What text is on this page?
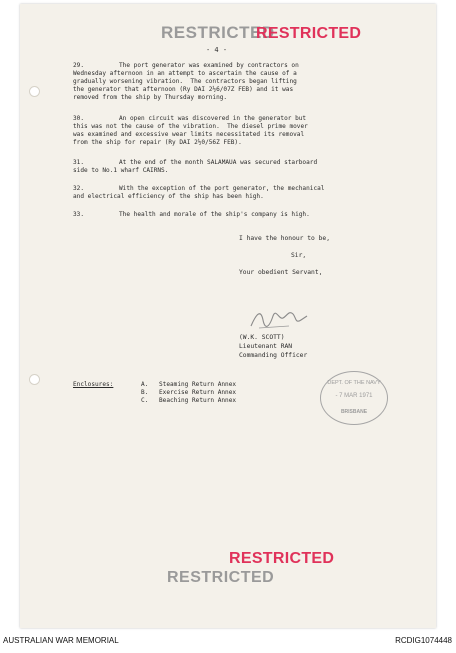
RESTRICTED
RESTRICTED
- 4 -
29.	The port generator was examined by contractors on
Wednesday afternoon in an attempt to ascertain the cause of a
gradually worsening vibration.  The contractors began lifting
the generator that afternoon (Ry DAI 2½6/07Z FEB) and it was
removed from the ship by Thursday morning.
30.	An open circuit was discovered in the generator but
this was not the cause of the vibration.  The diesel prime mover
was examined and excessive wear limits necessitated its removal
from the ship for repair (Ry DAI 2½0/56Z FEB).
31.	At the end of the month SALAMAUA was secured starboard
side to No.1 wharf CAIRNS.
32.	With the exception of the port generator, the mechanical
and electrical efficiency of the ship has been high.
33.	The health and morale of the ship's company is high.
I have the honour to be,
Sir,
Your obedient Servant,
(W.K. SCOTT)
Lieutenant RAN
Commanding Officer
Enclosures:	A. Steaming Return Annex
B. Exercise Return Annex
C. Beaching Return Annex
DEPT. OF THE NAVY
- 7 MAR 1971
BRISBANE
RESTRICTED
RESTRICTED
AUSTRALIAN WAR MEMORIAL	RCDIG1074448
